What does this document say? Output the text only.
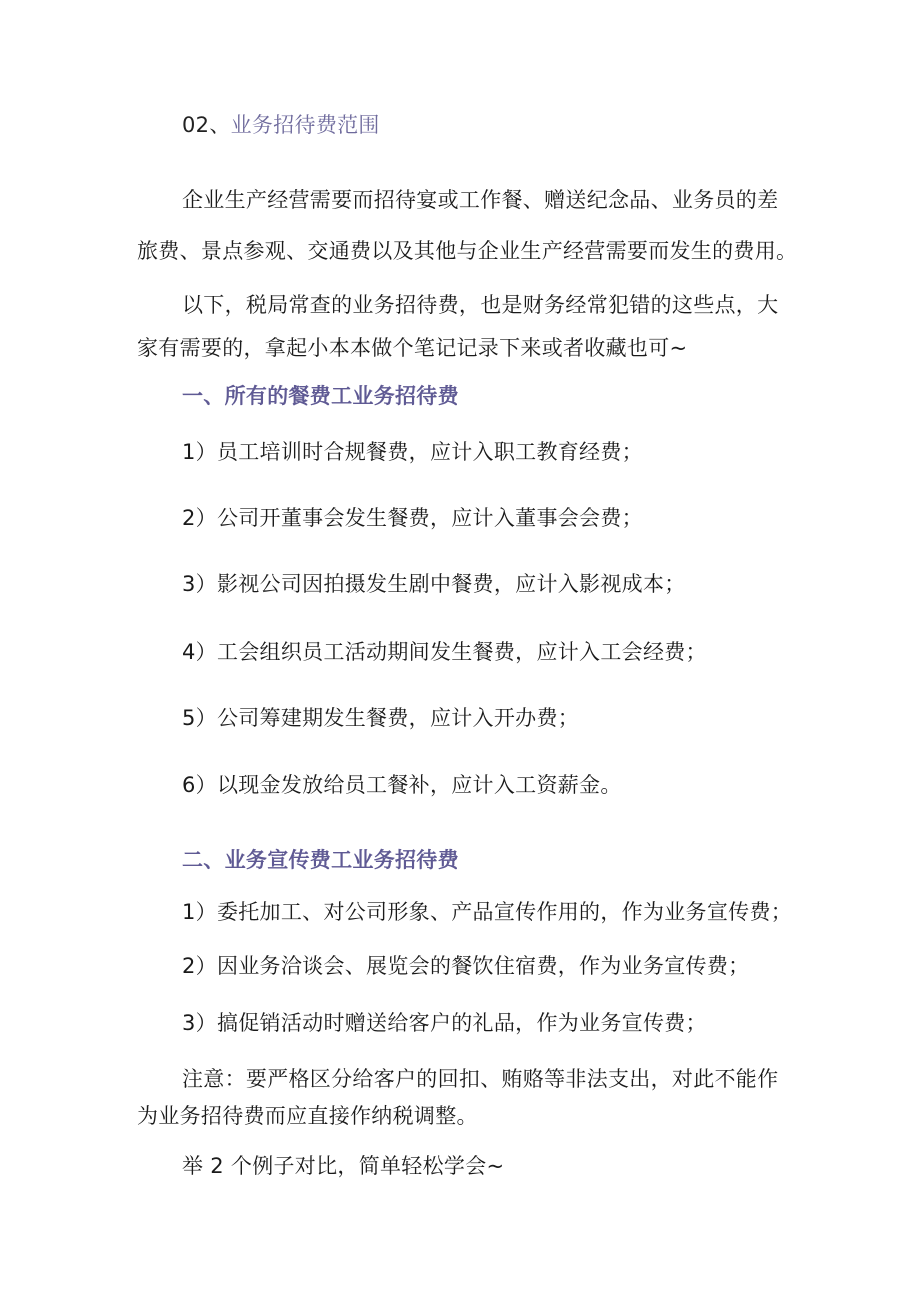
02、业务招待费范围
企业生产经营需要而招待宴或工作餐、赠送纪念品、业务员的差
旅费、景点参观、交通费以及其他与企业生产经营需要而发生的费用。
以下，税局常查的业务招待费，也是财务经常犯错的这些点，大
家有需要的，拿起小本本做个笔记记录下来或者收藏也可~
一、所有的餐费工业务招待费
1）员工培训时合规餐费，应计入职工教育经费；
2）公司开董事会发生餐费，应计入董事会会费；
3）影视公司因拍摄发生剧中餐费，应计入影视成本；
4）工会组织员工活动期间发生餐费，应计入工会经费；
5）公司筹建期发生餐费，应计入开办费；
6）以现金发放给员工餐补，应计入工资薪金。
二、业务宣传费工业务招待费
1）委托加工、对公司形象、产品宣传作用的，作为业务宣传费；
2）因业务洽谈会、展览会的餐饮住宿费，作为业务宣传费；
3）搞促销活动时赠送给客户的礼品，作为业务宣传费；
注意：要严格区分给客户的回扣、贿赂等非法支出，对此不能作
为业务招待费而应直接作纳税调整。
举 2 个例子对比，简单轻松学会~
